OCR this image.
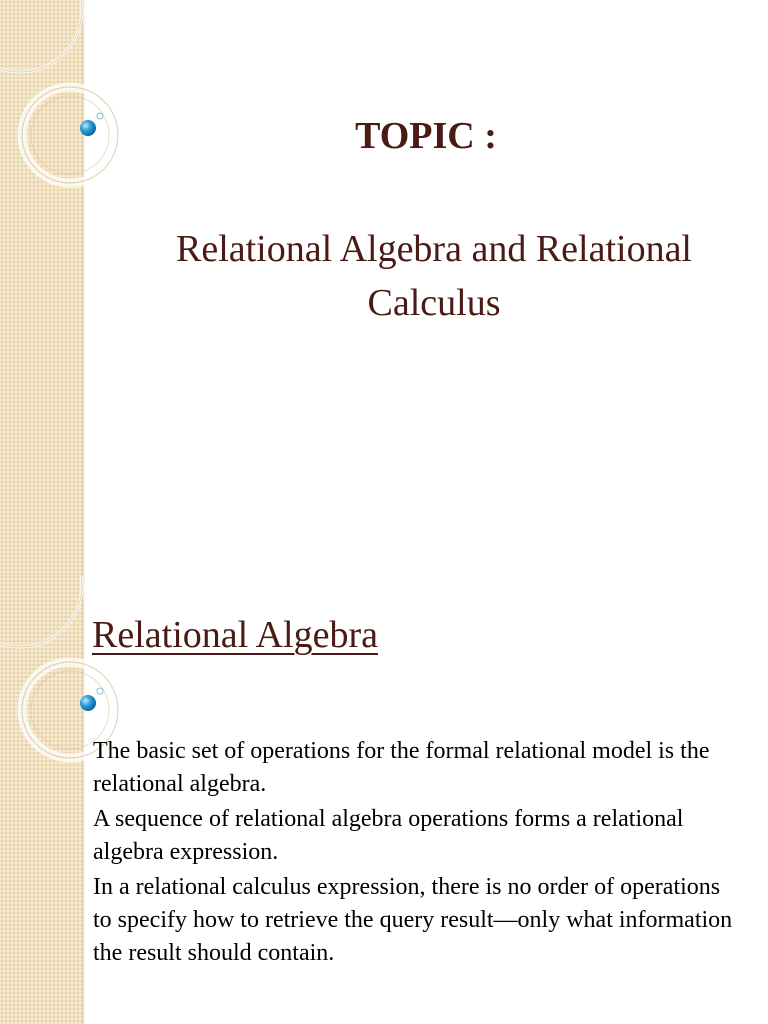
TOPIC :
Relational Algebra and Relational
Calculus
Relational Algebra
The basic set of operations for the formal relational model is the relational algebra.
A sequence of relational algebra operations forms a relational algebra expression.
In a relational calculus expression, there is no order of operations to specify how to retrieve the query result—only what information the result should contain.
